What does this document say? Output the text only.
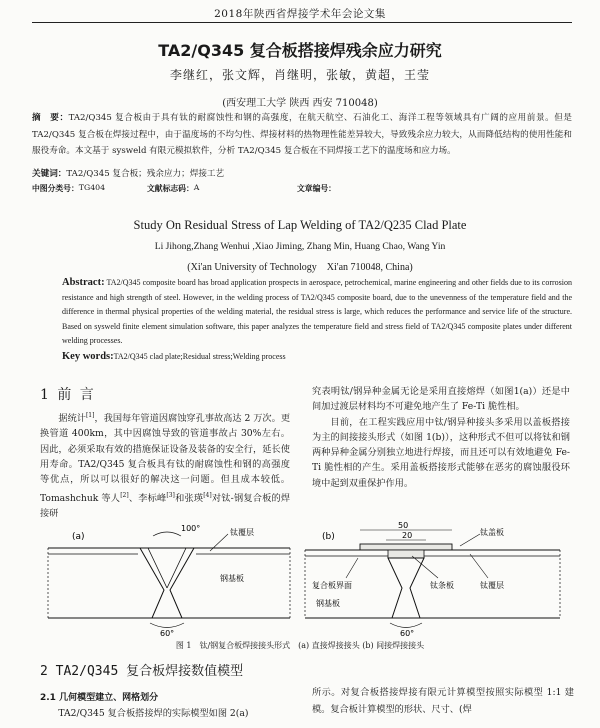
2018年陕西省焊接学术年会论文集
TA2/Q345 复合板搭接焊残余应力研究
李继红，张文辉，肖继明，张敏，黄超，王莹
(西安理工大学 陕西 西安 710048)
摘　要：TA2/Q345 复合板由于具有钛的耐腐蚀性和钢的高强度，在航天航空、石油化工、海洋工程等领域具有广阔的应用前景。但是 TA2/Q345 复合板在焊接过程中，由于温度场的不均匀性、焊接材料的热物理性能差异较大，导致残余应力较大，从而降低结构的使用性能和服役寿命。本文基于 sysweld 有限元模拟软件，分析 TA2/Q345 复合板在不同焊接工艺下的温度场和应力场。
关键词：TA2/Q345 复合板；残余应力；焊接工艺
中图分类号： TG404	文献标志码： A	文章编号：
Study On Residual Stress of Lap Welding of TA2/Q235 Clad Plate
Li Jihong,Zhang Wenhui ,Xiao Jiming, Zhang Min, Huang Chao, Wang Yin
(Xi'an University of Technology　Xi'an 710048, China)
Abstract: TA2/Q345 composite board has broad application prospects in aerospace, petrochemical, marine engineering and other fields due to its corrosion resistance and high strength of steel. However, in the welding process of TA2/Q345 composite board, due to the unevenness of the temperature field and the difference in thermal physical properties of the welding material, the residual stress is large, which reduces the performance and service life of the structure. Based on sysweld finite element simulation software, this paper analyzes the temperature field and stress field of TA2/Q345 composite plates under different welding processes.
Key words:TA2/Q345 clad plate;Residual stress;Welding process
1 前 言

据统计[1]，我国每年管道因腐蚀穿孔事故高达 2 万次。更换管道 400km，其中因腐蚀导致的管道事故占 30%左右。因此，必须采取有效的措施保证设备及装备的安全行，延长使用寿命。TA2/Q345 复合板具有钛的耐腐蚀性和钢的高强度等优点，所以可以很好的解决这一问题。但且成本较低。Tomashchuk 等人[2]、李标峰[3]和张瑛[4]对钛-钢复合板的焊接研

究表明钛/钢异种金属无论是采用直接熔焊（如图1(a)）还是中间加过渡层材料均不可避免地产生了 Fe-Ti 脆性相。

目前，在工程实践应用中钛/钢异种接头多采用以盖板搭接为主的间接接头形式（如图 1(b)），这种形式不但可以将钛和钢两种异种金属分别独立地进行焊接，而且还可以有效地避免 Fe-Ti 脆性相的产生。采用盖板搭接形式能够在恶劣的腐蚀服役环境中起到双重保护作用。

(a)
100°	钛覆层
钢基板
60°
(b)
50
20	钛盖板
复合板界面	钛条板	钛覆层
钢基板
60°
图 1　钛/钢复合板焊接接头形式　(a) 直接焊接接头 (b) 间接焊接接头
2 TA2/Q345 复合板焊接数值模型
2.1 几何模型建立、网格划分

TA2/Q345 复合板搭接焊的实际模型如图 2(a)

所示。对复合板搭接焊接有限元计算模型按照实际模型 1:1 建模。复合板计算模型的形状、尺寸、(焊
